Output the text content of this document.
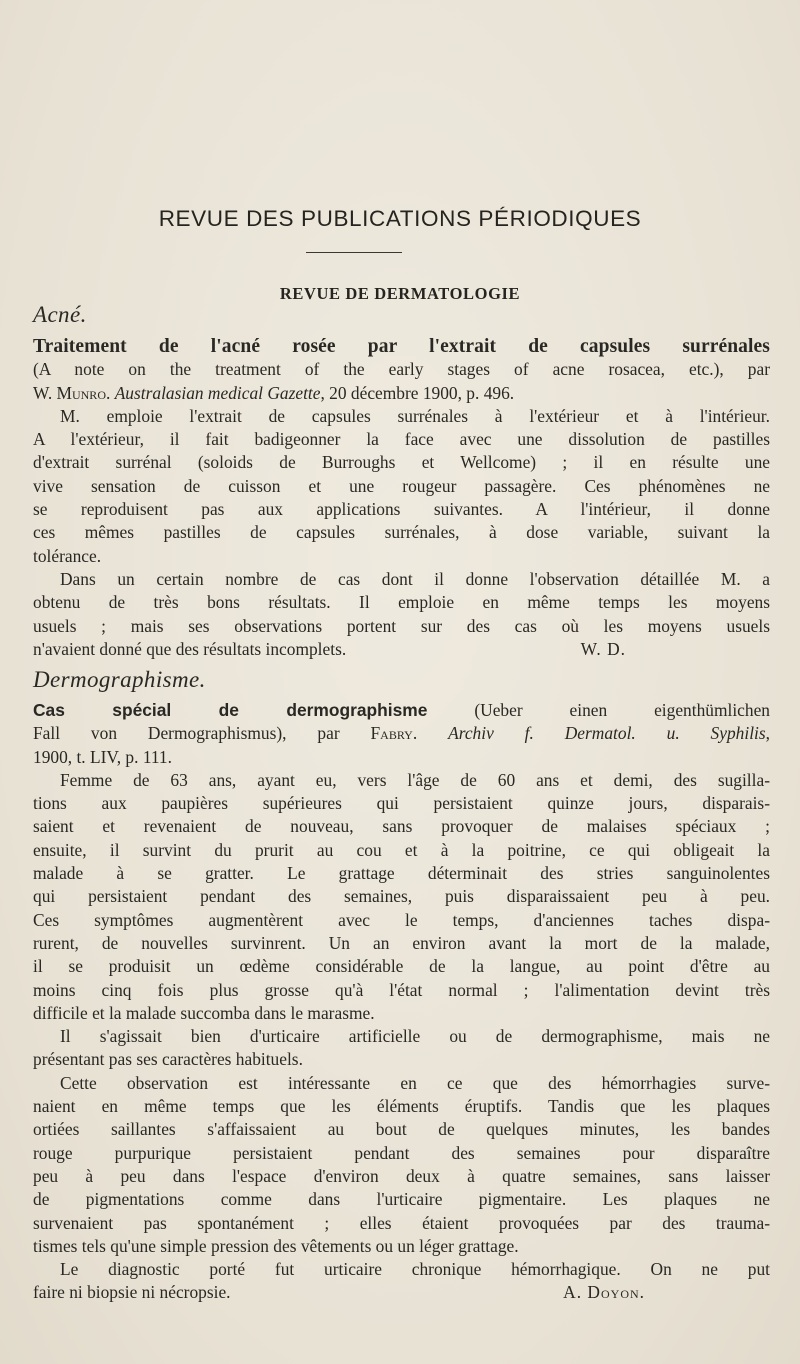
REVUE DES PUBLICATIONS PÉRIODIQUES
REVUE DE DERMATOLOGIE
Acné.
Traitement de l'acné rosée par l'extrait de capsules surrénales
(A note on the treatment of the early stages of acne rosacea, etc.), par
W. Munro. Australasian medical Gazette, 20 décembre 1900, p. 496.
M. emploie l'extrait de capsules surrénales à l'extérieur et à l'intérieur.
A l'extérieur, il fait badigeonner la face avec une dissolution de pastilles
d'extrait surrénal (soloids de Burroughs et Wellcome) ; il en résulte une
vive sensation de cuisson et une rougeur passagère. Ces phénomènes ne
se reproduisent pas aux applications suivantes. A l'intérieur, il donne
ces mêmes pastilles de capsules surrénales, à dose variable, suivant la
tolérance.
Dans un certain nombre de cas dont il donne l'observation détaillée M. a
obtenu de très bons résultats. Il emploie en même temps les moyens
usuels ; mais ses observations portent sur des cas où les moyens usuels
n'avaient donné que des résultats incomplets.	W. D.
Dermographisme.
Cas spécial de dermographisme (Ueber einen eigenthümlichen
Fall von Dermographismus), par Fabry. Archiv f. Dermatol. u. Syphilis,
1900, t. LIV, p. 111.
Femme de 63 ans, ayant eu, vers l'âge de 60 ans et demi, des sugilla-
tions aux paupières supérieures qui persistaient quinze jours, disparais-
saient et revenaient de nouveau, sans provoquer de malaises spéciaux ;
ensuite, il survint du prurit au cou et à la poitrine, ce qui obligeait la
malade à se gratter. Le grattage déterminait des stries sanguinolentes
qui persistaient pendant des semaines, puis disparaissaient peu à peu.
Ces symptômes augmentèrent avec le temps, d'anciennes taches dispa-
rurent, de nouvelles survinrent. Un an environ avant la mort de la malade,
il se produisit un œdème considérable de la langue, au point d'être au
moins cinq fois plus grosse qu'à l'état normal ; l'alimentation devint très
difficile et la malade succomba dans le marasme.
Il s'agissait bien d'urticaire artificielle ou de dermographisme, mais ne
présentant pas ses caractères habituels.
Cette observation est intéressante en ce que des hémorrhagies surve-
naient en même temps que les éléments éruptifs. Tandis que les plaques
ortiées saillantes s'affaissaient au bout de quelques minutes, les bandes
rouge purpurique persistaient pendant des semaines pour disparaître
peu à peu dans l'espace d'environ deux à quatre semaines, sans laisser
de pigmentations comme dans l'urticaire pigmentaire. Les plaques ne
survenaient pas spontanément ; elles étaient provoquées par des trauma-
tismes tels qu'une simple pression des vêtements ou un léger grattage.
Le diagnostic porté fut urticaire chronique hémorrhagique. On ne put
faire ni biopsie ni nécropsie.	A. Doyon.
